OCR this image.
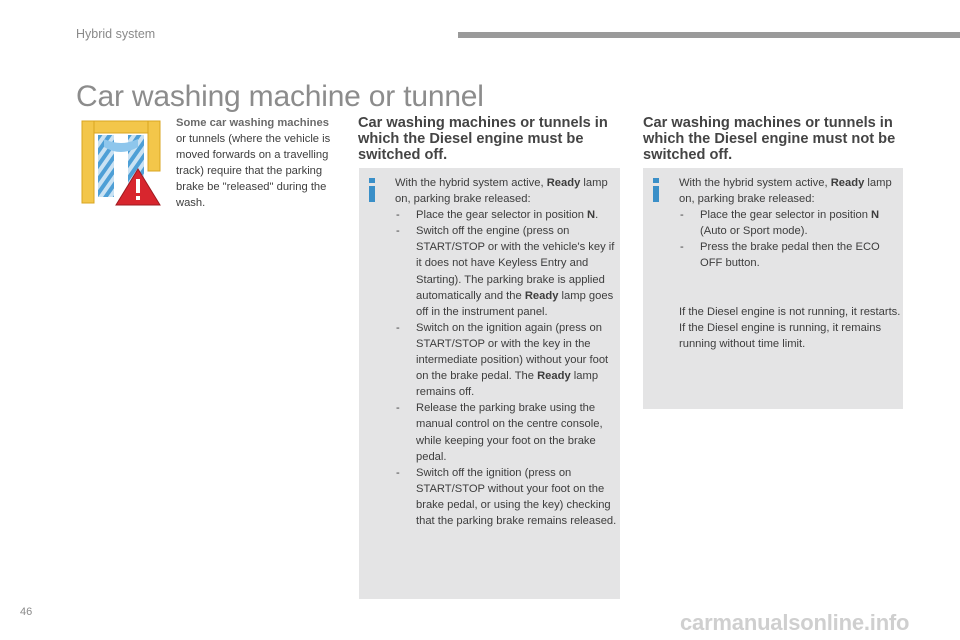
Hybrid system
Car washing machine or tunnel
Some car washing machines
or tunnels (where the vehicle is moved forwards on a travelling track) require that the parking brake be "released" during the wash.
Car washing machines or tunnels in which the Diesel engine must be switched off.
Car washing machines or tunnels in which the Diesel engine must not be switched off.

With the hybrid system active, Ready lamp on, parking brake released:

- Place the gear selector in position N.
- Switch off the engine (press on START/STOP or with the vehicle's key if it does not have Keyless Entry and Starting). The parking brake is applied automatically and the Ready lamp goes off in the instrument panel.
- Switch on the ignition again (press on START/STOP or with the key in the intermediate position) without your foot on the brake pedal. The Ready lamp remains off.
- Release the parking brake using the manual control on the centre console, while keeping your foot on the brake pedal.
- Switch off the ignition (press on START/STOP without your foot on the brake pedal, or using the key) checking that the parking brake remains released.

With the hybrid system active, Ready lamp on, parking brake released:

- Place the gear selector in position N (Auto or Sport mode).
- Press the brake pedal then the ECO OFF button.

If the Diesel engine is not running, it restarts.

If the Diesel engine is running, it remains running without time limit.

46	carmanualsonline.info
